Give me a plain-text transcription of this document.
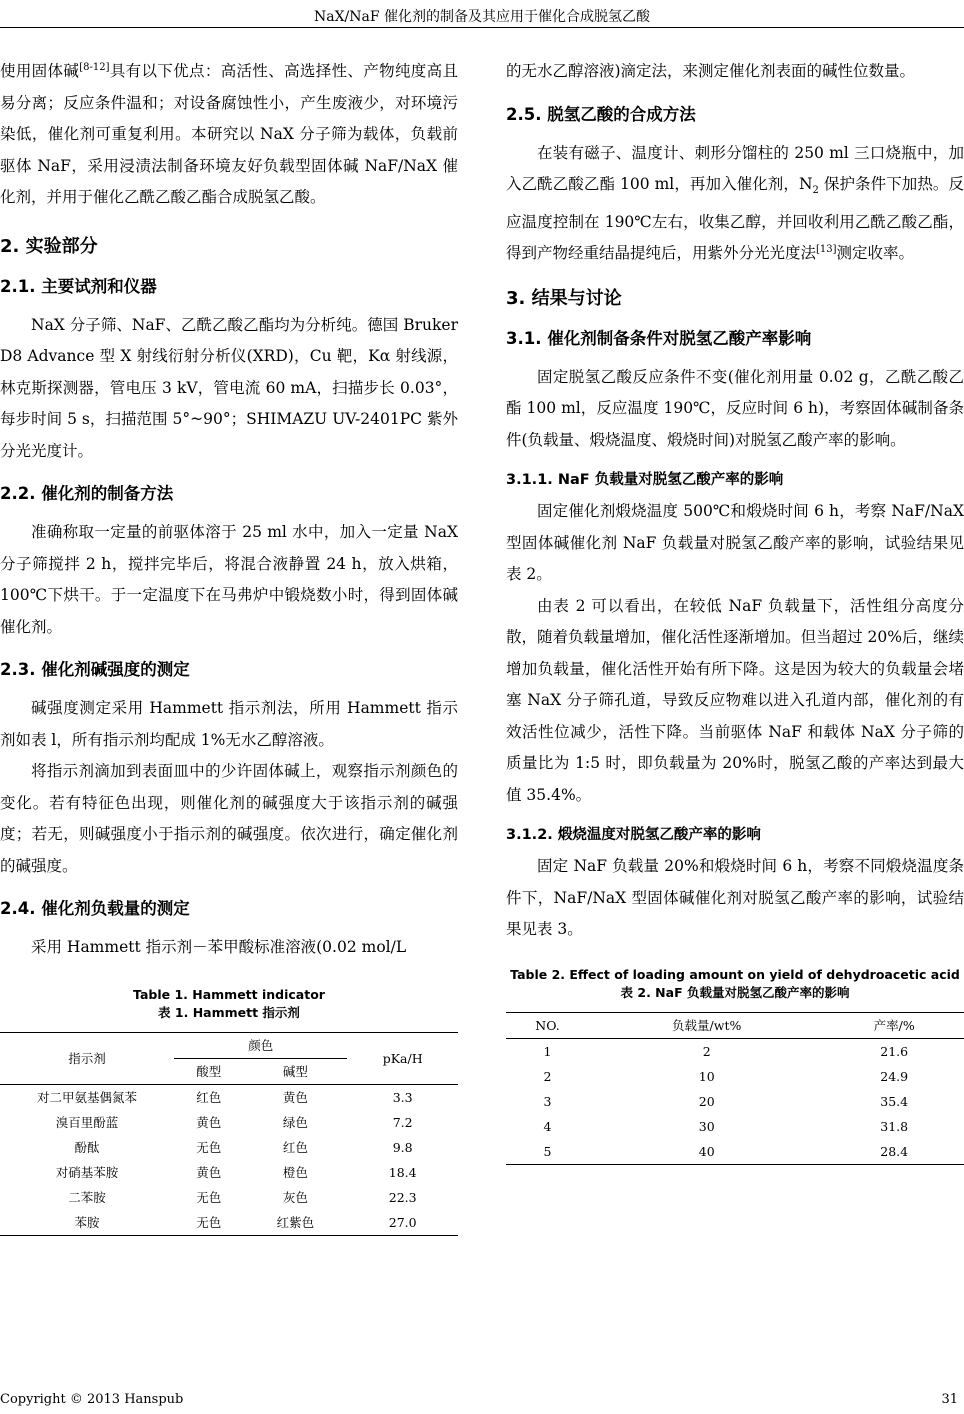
NaX/NaF 催化剂的制备及其应用于催化合成脱氢乙酸

使用固体碱[8-12]具有以下优点：高活性、高选择性、产物纯度高且易分离；反应条件温和；对设备腐蚀性小，产生废液少，对环境污染低，催化剂可重复利用。本研究以 NaX 分子筛为载体，负载前驱体 NaF，采用浸渍法制备环境友好负载型固体碱 NaF/NaX 催化剂，并用于催化乙酰乙酸乙酯合成脱氢乙酸。

2. 实验部分
2.1. 主要试剂和仪器

NaX 分子筛、NaF、乙酰乙酸乙酯均为分析纯。德国 Bruker D8 Advance 型 X 射线衍射分析仪(XRD)，Cu 靶，Kα 射线源，林克斯探测器，管电压 3 kV，管电流 60 mA，扫描步长 0.03°，每步时间 5 s，扫描范围 5°~90°；SHIMAZU UV-2401PC 紫外分光光度计。

2.2. 催化剂的制备方法

准确称取一定量的前驱体溶于 25 ml 水中，加入一定量 NaX 分子筛搅拌 2 h，搅拌完毕后，将混合液静置 24 h，放入烘箱，100℃下烘干。于一定温度下在马弗炉中锻烧数小时，得到固体碱催化剂。

2.3. 催化剂碱强度的测定

碱强度测定采用 Hammett 指示剂法，所用 Hammett 指示剂如表 l，所有指示剂均配成 1%无水乙醇溶液。

将指示剂滴加到表面皿中的少许固体碱上，观察指示剂颜色的变化。若有特征色出现，则催化剂的碱强度大于该指示剂的碱强度；若无，则碱强度小于指示剂的碱强度。依次进行，确定催化剂的碱强度。

2.4. 催化剂负载量的测定

采用 Hammett 指示剂－苯甲酸标准溶液(0.02 mol/L

Table 1. Hammett indicator
表 1. Hammett 指示剂
指示剂	颜色		pKa/H
	酸型	碱型	
对二甲氨基偶氮苯	红色	黄色	3.3
溴百里酚蓝	黄色	绿色	7.2
酚酞	无色	红色	9.8
对硝基苯胺	黄色	橙色	18.4
二苯胺	无色	灰色	22.3
苯胺	无色	红紫色	27.0

的无水乙醇溶液)滴定法，来测定催化剂表面的碱性位数量。

2.5. 脱氢乙酸的合成方法

在装有磁子、温度计、刺形分馏柱的 250 ml 三口烧瓶中，加入乙酰乙酸乙酯 100 ml，再加入催化剂，$N_2$ 保护条件下加热。反应温度控制在 190℃左右，收集乙醇，并回收利用乙酰乙酸乙酯，得到产物经重结晶提纯后，用紫外分光光度法[13]测定收率。

3. 结果与讨论
3.1. 催化剂制备条件对脱氢乙酸产率影响

固定脱氢乙酸反应条件不变(催化剂用量 0.02 g，乙酰乙酸乙酯 100 ml，反应温度 190℃，反应时间 6 h)，考察固体碱制备条件(负载量、煅烧温度、煅烧时间)对脱氢乙酸产率的影响。

3.1.1. NaF 负载量对脱氢乙酸产率的影响

固定催化剂煅烧温度 500℃和煅烧时间 6 h，考察 NaF/NaX 型固体碱催化剂 NaF 负载量对脱氢乙酸产率的影响，试验结果见表 2。

由表 2 可以看出，在较低 NaF 负载量下，活性组分高度分散，随着负载量增加，催化活性逐渐增加。但当超过 20%后，继续增加负载量，催化活性开始有所下降。这是因为较大的负载量会堵塞 NaX 分子筛孔道，导致反应物难以进入孔道内部，催化剂的有效活性位减少，活性下降。当前驱体 NaF 和载体 NaX 分子筛的质量比为 1:5 时，即负载量为 20%时，脱氢乙酸的产率达到最大值 35.4%。

3.1.2. 煅烧温度对脱氢乙酸产率的影响

固定 NaF 负载量 20%和煅烧时间 6 h，考察不同煅烧温度条件下，NaF/NaX 型固体碱催化剂对脱氢乙酸产率的影响，试验结果见表 3。

Table 2. Effect of loading amount on yield of dehydroacetic acid
表 2. NaF 负载量对脱氢乙酸产率的影响
NO.	负载量/wt%	产率/%
1	2	21.6
2	10	24.9
3	20	35.4
4	30	31.8
5	40	28.4
Copyright © 2013 Hanspub	31
